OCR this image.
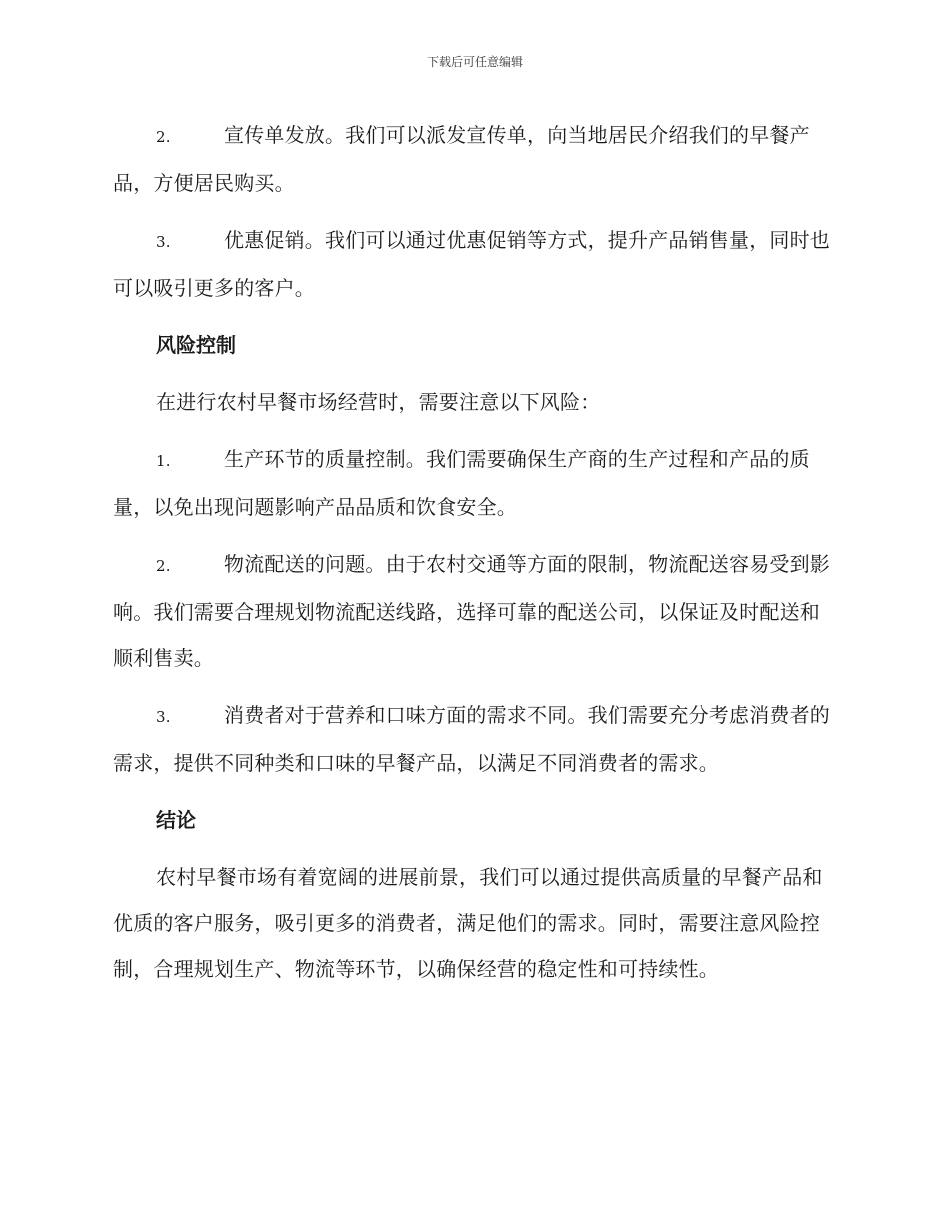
下载后可任意编辑

2.	宣传单发放。我们可以派发宣传单，向当地居民介绍我们的早餐产品，方便居民购买。

3.	优惠促销。我们可以通过优惠促销等方式，提升产品销售量，同时也可以吸引更多的客户。

风险控制

在进行农村早餐市场经营时，需要注意以下风险：

1.	生产环节的质量控制。我们需要确保生产商的生产过程和产品的质量，以免出现问题影响产品品质和饮食安全。

2.	物流配送的问题。由于农村交通等方面的限制，物流配送容易受到影响。我们需要合理规划物流配送线路，选择可靠的配送公司，以保证及时配送和顺利售卖。

3.	消费者对于营养和口味方面的需求不同。我们需要充分考虑消费者的需求，提供不同种类和口味的早餐产品，以满足不同消费者的需求。

结论

农村早餐市场有着宽阔的进展前景，我们可以通过提供高质量的早餐产品和优质的客户服务，吸引更多的消费者，满足他们的需求。同时，需要注意风险控制，合理规划生产、物流等环节，以确保经营的稳定性和可持续性。
